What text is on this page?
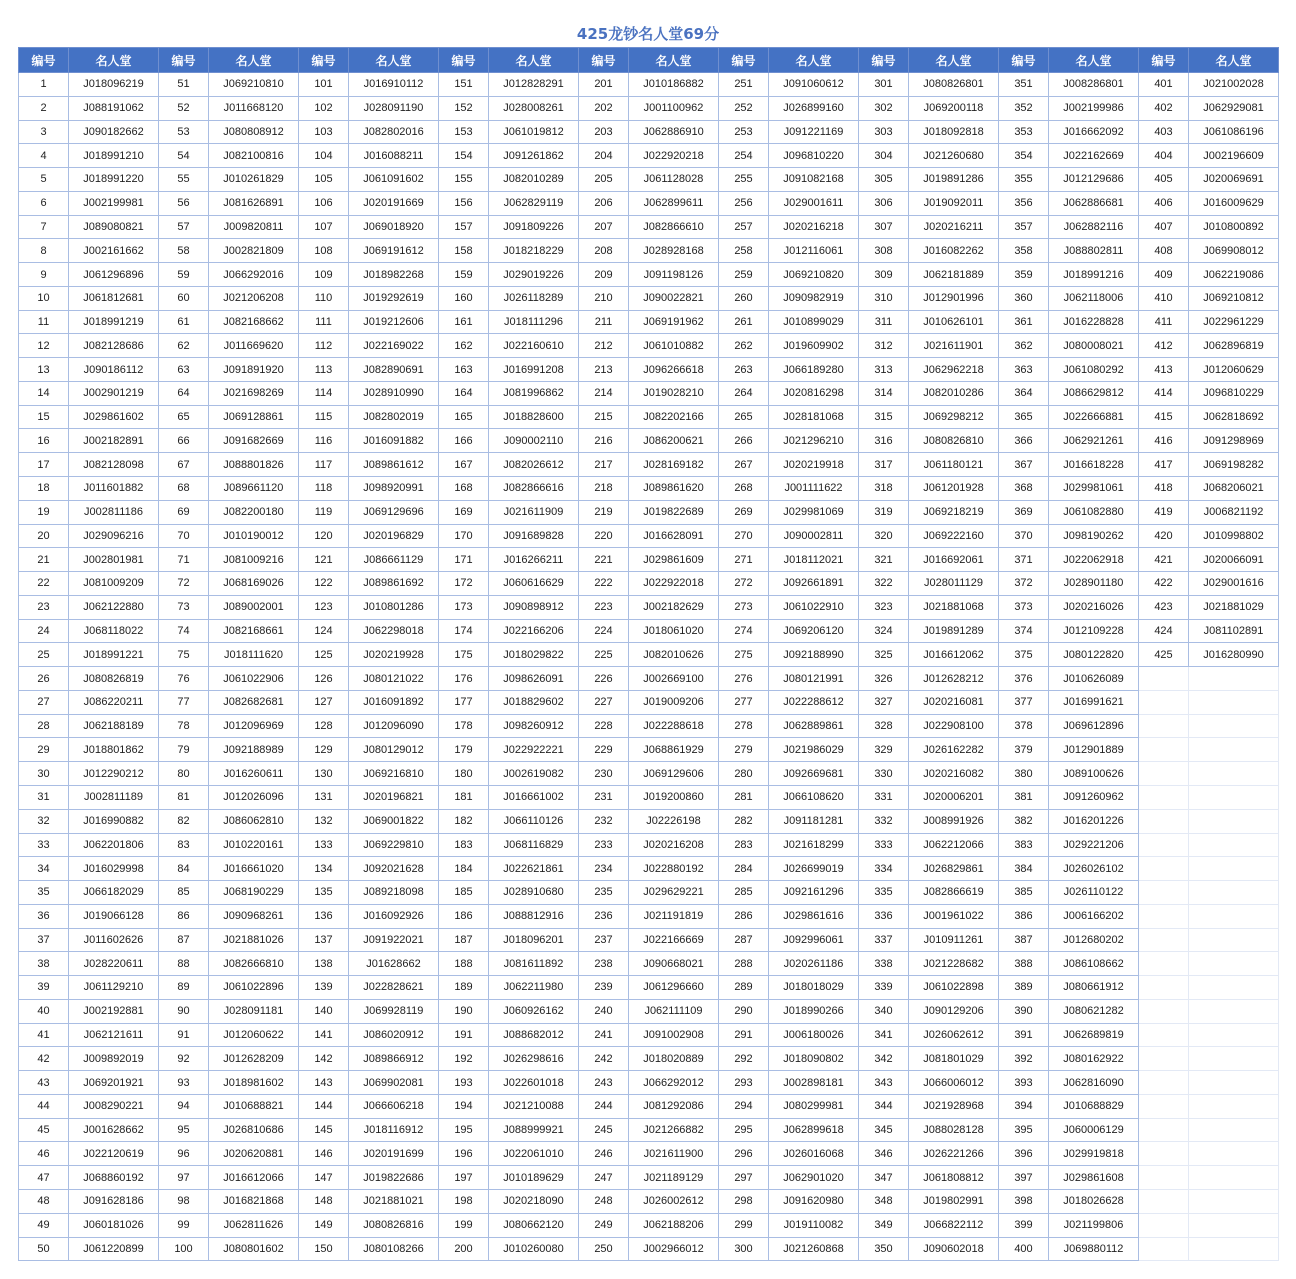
425龙钞名人堂69分
编号	名人堂	编号	名人堂	编号	名人堂	编号	名人堂	编号	名人堂	编号	名人堂	编号	名人堂	编号	名人堂	编号	名人堂
1	J018096219	51	J069210810	101	J016910112	151	J012828291	201	J010186882	251	J091060612	301	J080826801	351	J008286801	401	J021002028
2	J088191062	52	J011668120	102	J028091190	152	J028008261	202	J001100962	252	J026899160	302	J069200118	352	J002199986	402	J062929081
3	J090182662	53	J080808912	103	J082802016	153	J061019812	203	J062886910	253	J091221169	303	J018092818	353	J016662092	403	J061086196
4	J018991210	54	J082100816	104	J016088211	154	J091261862	204	J022920218	254	J096810220	304	J021260680	354	J022162669	404	J002196609
5	J018991220	55	J010261829	105	J061091602	155	J082010289	205	J061128028	255	J091082168	305	J019891286	355	J012129686	405	J020069691
6	J002199981	56	J081626891	106	J020191669	156	J062829119	206	J062899611	256	J029001611	306	J019092011	356	J062886681	406	J016009629
7	J089080821	57	J009820811	107	J069018920	157	J091809226	207	J082866610	257	J020216218	307	J020216211	357	J062882116	407	J010800892
8	J002161662	58	J002821809	108	J069191612	158	J018218229	208	J028928168	258	J012116061	308	J016082262	358	J088802811	408	J069908012
9	J061296896	59	J066292016	109	J018982268	159	J029019226	209	J091198126	259	J069210820	309	J062181889	359	J018991216	409	J062219086
10	J061812681	60	J021206208	110	J019292619	160	J026118289	210	J090022821	260	J090982919	310	J012901996	360	J062118006	410	J069210812
11	J018991219	61	J082168662	111	J019212606	161	J018111296	211	J069191962	261	J010899029	311	J010626101	361	J016228828	411	J022961229
12	J082128686	62	J011669620	112	J022169022	162	J022160610	212	J061010882	262	J019609902	312	J021611901	362	J080008021	412	J062896819
13	J090186112	63	J091891920	113	J082890691	163	J016991208	213	J096266618	263	J066189280	313	J062962218	363	J061080292	413	J012060629
14	J002901219	64	J021698269	114	J028910990	164	J081996862	214	J019028210	264	J020816298	314	J082010286	364	J086629812	414	J096810229
15	J029861602	65	J069128861	115	J082802019	165	J018828600	215	J082202166	265	J028181068	315	J069298212	365	J022666881	415	J062818692
16	J002182891	66	J091682669	116	J016091882	166	J090002110	216	J086200621	266	J021296210	316	J080826810	366	J062921261	416	J091298969
17	J082128098	67	J088801826	117	J089861612	167	J082026612	217	J028169182	267	J020219918	317	J061180121	367	J016618228	417	J069198282
18	J011601882	68	J089661120	118	J098920991	168	J082866616	218	J089861620	268	J001111622	318	J061201928	368	J029981061	418	J068206021
19	J002811186	69	J082200180	119	J069129696	169	J021611909	219	J019822689	269	J029981069	319	J069218219	369	J061082880	419	J006821192
20	J029096216	70	J010190012	120	J020196829	170	J091689828	220	J016628091	270	J090002811	320	J069222160	370	J098190262	420	J010998802
21	J002801981	71	J081009216	121	J086661129	171	J016266211	221	J029861609	271	J018112021	321	J016692061	371	J022062918	421	J020066091
22	J081009209	72	J068169026	122	J089861692	172	J060616629	222	J022922018	272	J092661891	322	J028011129	372	J028901180	422	J029001616
23	J062122880	73	J089002001	123	J010801286	173	J090898912	223	J002182629	273	J061022910	323	J021881068	373	J020216026	423	J021881029
24	J068118022	74	J082168661	124	J062298018	174	J022166206	224	J018061020	274	J069206120	324	J019891289	374	J012109228	424	J081102891
25	J018991221	75	J018111620	125	J020219928	175	J018029822	225	J082010626	275	J092188990	325	J016612062	375	J080122820	425	J016280990
26	J080826819	76	J061022906	126	J080121022	176	J098626091	226	J002669100	276	J080121991	326	J012628212	376	J010626089		
27	J086220211	77	J082682681	127	J016091892	177	J018829602	227	J019009206	277	J022288612	327	J020216081	377	J016991621		
28	J062188189	78	J012096969	128	J012096090	178	J098260912	228	J022288618	278	J062889861	328	J022908100	378	J069612896		
29	J018801862	79	J092188989	129	J080129012	179	J022922221	229	J068861929	279	J021986029	329	J026162282	379	J012901889		
30	J012290212	80	J016260611	130	J069216810	180	J002619082	230	J069129606	280	J092669681	330	J020216082	380	J089100626		
31	J002811189	81	J012026096	131	J020196821	181	J016661002	231	J019200860	281	J066108620	331	J020006201	381	J091260962		
32	J016990882	82	J086062810	132	J069001822	182	J066110126	232	J02226198	282	J091181281	332	J008991926	382	J016201226		
33	J062201806	83	J010220161	133	J069229810	183	J068116829	233	J020216208	283	J021618299	333	J062212066	383	J029221206		
34	J016029998	84	J016661020	134	J092021628	184	J022621861	234	J022880192	284	J026699019	334	J026829861	384	J026026102		
35	J066182029	85	J068190229	135	J089218098	185	J028910680	235	J029629221	285	J092161296	335	J082866619	385	J026110122		
36	J019066128	86	J090968261	136	J016092926	186	J088812916	236	J021191819	286	J029861616	336	J001961022	386	J006166202		
37	J011602626	87	J021881026	137	J091922021	187	J018096201	237	J022166669	287	J092996061	337	J010911261	387	J012680202		
38	J028220611	88	J082666810	138	J01628662	188	J081611892	238	J090668021	288	J020261186	338	J021228682	388	J086108662		
39	J061129210	89	J061022896	139	J022828621	189	J062211980	239	J061296660	289	J018018029	339	J061022898	389	J080661912		
40	J002192881	90	J028091181	140	J069928119	190	J060926162	240	J062111109	290	J018990266	340	J090129206	390	J080621282		
41	J062121611	91	J012060622	141	J086020912	191	J088682012	241	J091002908	291	J006180026	341	J026062612	391	J062689819		
42	J009892019	92	J012628209	142	J089866912	192	J026298616	242	J018020889	292	J018090802	342	J081801029	392	J080162922		
43	J069201921	93	J018981602	143	J069902081	193	J022601018	243	J066292012	293	J002898181	343	J066006012	393	J062816090		
44	J008290221	94	J010688821	144	J066606218	194	J021210088	244	J081292086	294	J080299981	344	J021928968	394	J010688829		
45	J001628662	95	J026810686	145	J018116912	195	J088999921	245	J021266882	295	J062899618	345	J088028128	395	J060006129		
46	J022120619	96	J020620881	146	J020191699	196	J022061010	246	J021611900	296	J026016068	346	J026221266	396	J029919818		
47	J068860192	97	J016612066	147	J019822686	197	J010189629	247	J021189129	297	J062901020	347	J061808812	397	J029861608		
48	J091628186	98	J016821868	148	J021881021	198	J020218090	248	J026002612	298	J091620980	348	J019802991	398	J018026628		
49	J060181026	99	J062811626	149	J080826816	199	J080662120	249	J062188206	299	J019110082	349	J066822112	399	J021199806		
50	J061220899	100	J080801602	150	J080108266	200	J010260080	250	J002966012	300	J021260868	350	J090602018	400	J069880112		
